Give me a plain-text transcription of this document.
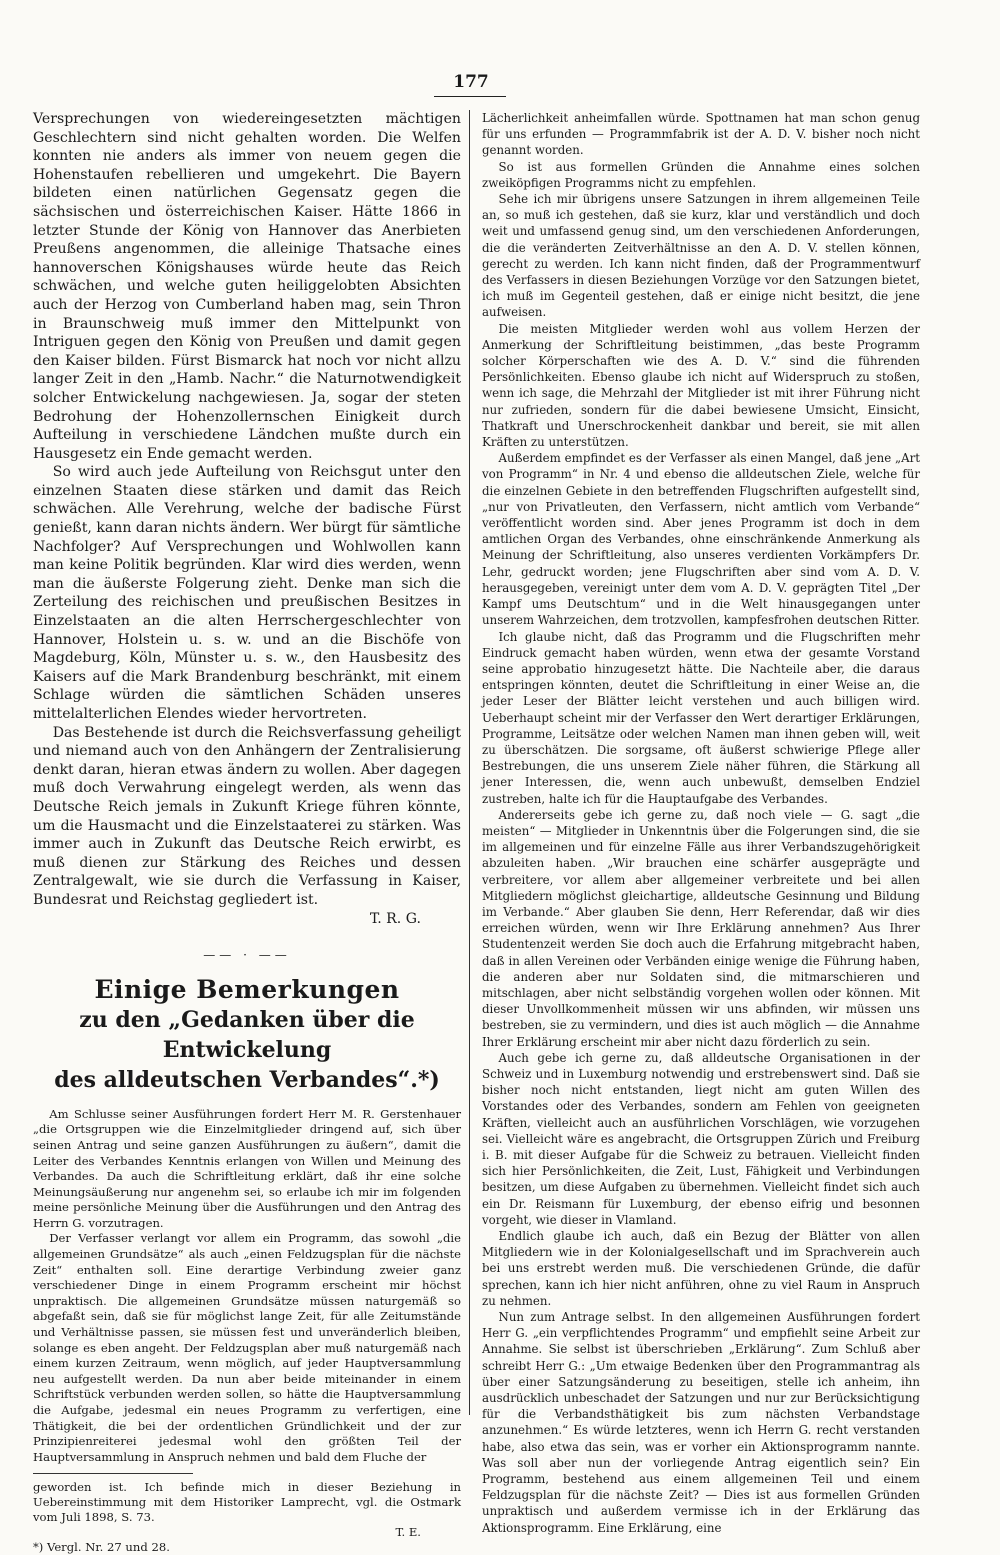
177

Versprechungen von wiedereingesetzten mächtigen Geschlechtern sind nicht gehalten worden. Die Welfen konnten nie anders als immer von neuem gegen die Hohenstaufen rebellieren und umgekehrt. Die Bayern bildeten einen natürlichen Gegensatz gegen die sächsischen und österreichischen Kaiser. Hätte 1866 in letzter Stunde der König von Hannover das Anerbieten Preußens angenommen, die alleinige Thatsache eines hannoverschen Königshauses würde heute das Reich schwächen, und welche guten heiliggelobten Absichten auch der Herzog von Cumberland haben mag, sein Thron in Braunschweig muß immer den Mittelpunkt von Intriguen gegen den König von Preußen und damit gegen den Kaiser bilden. Fürst Bismarck hat noch vor nicht allzu langer Zeit in den „Hamb. Nachr.“ die Naturnotwendigkeit solcher Entwickelung nachgewiesen. Ja, sogar der steten Bedrohung der Hohenzollernschen Einigkeit durch Aufteilung in verschiedene Ländchen mußte durch ein Hausgesetz ein Ende gemacht werden.

So wird auch jede Aufteilung von Reichsgut unter den einzelnen Staaten diese stärken und damit das Reich schwächen. Alle Verehrung, welche der badische Fürst genießt, kann daran nichts ändern. Wer bürgt für sämtliche Nachfolger? Auf Versprechungen und Wohlwollen kann man keine Politik begründen. Klar wird dies werden, wenn man die äußerste Folgerung zieht. Denke man sich die Zerteilung des reichischen und preußischen Besitzes in Einzelstaaten an die alten Herrschergeschlechter von Hannover, Holstein u. s. w. und an die Bischöfe von Magdeburg, Köln, Münster u. s. w., den Hausbesitz des Kaisers auf die Mark Brandenburg beschränkt, mit einem Schlage würden die sämtlichen Schäden unseres mittelalterlichen Elendes wieder hervortreten.

Das Bestehende ist durch die Reichsverfassung geheiligt und niemand auch von den Anhängern der Zentralisierung denkt daran, hieran etwas ändern zu wollen. Aber dagegen muß doch Verwahrung eingelegt werden, als wenn das Deutsche Reich jemals in Zukunft Kriege führen könnte, um die Hausmacht und die Einzelstaaterei zu stärken. Was immer auch in Zukunft das Deutsche Reich erwirbt, es muß dienen zur Stärkung des Reiches und dessen Zentralgewalt, wie sie durch die Verfassung in Kaiser, Bundesrat und Reichstag gegliedert ist.

T. R. G.
—— · ——
Einige Bemerkungen
zu den „Gedanken über die Entwickelung
des alldeutschen Verbandes“.*)

Am Schlusse seiner Ausführungen fordert Herr M. R. Gerstenhauer „die Ortsgruppen wie die Einzelmitglieder dringend auf, sich über seinen Antrag und seine ganzen Ausführungen zu äußern“, damit die Leiter des Verbandes Kenntnis erlangen von Willen und Meinung des Verbandes. Da auch die Schriftleitung erklärt, daß ihr eine solche Meinungsäußerung nur angenehm sei, so erlaube ich mir im folgenden meine persönliche Meinung über die Ausführungen und den Antrag des Herrn G. vorzutragen.

Der Verfasser verlangt vor allem ein Programm, das sowohl „die allgemeinen Grundsätze“ als auch „einen Feldzugsplan für die nächste Zeit“ enthalten soll. Eine derartige Verbindung zweier ganz verschiedener Dinge in einem Programm erscheint mir höchst unpraktisch. Die allgemeinen Grundsätze müssen naturgemäß so abgefaßt sein, daß sie für möglichst lange Zeit, für alle Zeitumstände und Verhältnisse passen, sie müssen fest und unveränderlich bleiben, solange es eben angeht. Der Feldzugsplan aber muß naturgemäß nach einem kurzen Zeitraum, wenn möglich, auf jeder Hauptversammlung neu aufgestellt werden. Da nun aber beide miteinander in einem Schriftstück verbunden werden sollen, so hätte die Hauptversammlung die Aufgabe, jedesmal ein neues Programm zu verfertigen, eine Thätigkeit, die bei der ordentlichen Gründlichkeit und der zur Prinzipienreiterei jedesmal wohl den größten Teil der Hauptversammlung in Anspruch nehmen und bald dem Fluche der

geworden ist. Ich befinde mich in dieser Beziehung in Uebereinstimmung mit dem Historiker Lamprecht, vgl. die Ostmark vom Juli 1898, S. 73.

T. E.

*) Vergl. Nr. 27 und 28.

Lächerlichkeit anheimfallen würde. Spottnamen hat man schon genug für uns erfunden — Programmfabrik ist der A. D. V. bisher noch nicht genannt worden.

So ist aus formellen Gründen die Annahme eines solchen zweiköpfigen Programms nicht zu empfehlen.

Sehe ich mir übrigens unsere Satzungen in ihrem allgemeinen Teile an, so muß ich gestehen, daß sie kurz, klar und verständlich und doch weit und umfassend genug sind, um den verschiedenen Anforderungen, die die veränderten Zeitverhältnisse an den A. D. V. stellen können, gerecht zu werden. Ich kann nicht finden, daß der Programmentwurf des Verfassers in diesen Beziehungen Vorzüge vor den Satzungen bietet, ich muß im Gegenteil gestehen, daß er einige nicht besitzt, die jene aufweisen.

Die meisten Mitglieder werden wohl aus vollem Herzen der Anmerkung der Schriftleitung beistimmen, „das beste Programm solcher Körperschaften wie des A. D. V.“ sind die führenden Persönlichkeiten. Ebenso glaube ich nicht auf Widerspruch zu stoßen, wenn ich sage, die Mehrzahl der Mitglieder ist mit ihrer Führung nicht nur zufrieden, sondern für die dabei bewiesene Umsicht, Einsicht, Thatkraft und Unerschrockenheit dankbar und bereit, sie mit allen Kräften zu unterstützen.

Außerdem empfindet es der Verfasser als einen Mangel, daß jene „Art von Programm“ in Nr. 4 und ebenso die alldeutschen Ziele, welche für die einzelnen Gebiete in den betreffenden Flugschriften aufgestellt sind, „nur von Privatleuten, den Verfassern, nicht amtlich vom Verbande“ veröffentlicht worden sind. Aber jenes Programm ist doch in dem amtlichen Organ des Verbandes, ohne einschränkende Anmerkung als Meinung der Schriftleitung, also unseres verdienten Vorkämpfers Dr. Lehr, gedruckt worden; jene Flugschriften aber sind vom A. D. V. herausgegeben, vereinigt unter dem vom A. D. V. geprägten Titel „Der Kampf ums Deutschtum“ und in die Welt hinausgegangen unter unserem Wahrzeichen, dem trotzvollen, kampfesfrohen deutschen Ritter.

Ich glaube nicht, daß das Programm und die Flugschriften mehr Eindruck gemacht haben würden, wenn etwa der gesamte Vorstand seine approbatio hinzugesetzt hätte. Die Nachteile aber, die daraus entspringen könnten, deutet die Schriftleitung in einer Weise an, die jeder Leser der Blätter leicht verstehen und auch billigen wird. Ueberhaupt scheint mir der Verfasser den Wert derartiger Erklärungen, Programme, Leitsätze oder welchen Namen man ihnen geben will, weit zu überschätzen. Die sorgsame, oft äußerst schwierige Pflege aller Bestrebungen, die uns unserem Ziele näher führen, die Stärkung all jener Interessen, die, wenn auch unbewußt, demselben Endziel zustreben, halte ich für die Hauptaufgabe des Verbandes.

Andererseits gebe ich gerne zu, daß noch viele — G. sagt „die meisten“ — Mitglieder in Unkenntnis über die Folgerungen sind, die sie im allgemeinen und für einzelne Fälle aus ihrer Verbandszugehörigkeit abzuleiten haben. „Wir brauchen eine schärfer ausgeprägte und verbreitere, vor allem aber allgemeiner verbreitete und bei allen Mitgliedern möglichst gleichartige, alldeutsche Gesinnung und Bildung im Verbande.“ Aber glauben Sie denn, Herr Referendar, daß wir dies erreichen würden, wenn wir Ihre Erklärung annehmen? Aus Ihrer Studentenzeit werden Sie doch auch die Erfahrung mitgebracht haben, daß in allen Vereinen oder Verbänden einige wenige die Führung haben, die anderen aber nur Soldaten sind, die mitmarschieren und mitschlagen, aber nicht selbständig vorgehen wollen oder können. Mit dieser Unvollkommenheit müssen wir uns abfinden, wir müssen uns bestreben, sie zu vermindern, und dies ist auch möglich — die Annahme Ihrer Erklärung erscheint mir aber nicht dazu förderlich zu sein.

Auch gebe ich gerne zu, daß alldeutsche Organisationen in der Schweiz und in Luxemburg notwendig und erstrebenswert sind. Daß sie bisher noch nicht entstanden, liegt nicht am guten Willen des Vorstandes oder des Verbandes, sondern am Fehlen von geeigneten Kräften, vielleicht auch an ausführlichen Vorschlägen, wie vorzugehen sei. Vielleicht wäre es angebracht, die Ortsgruppen Zürich und Freiburg i. B. mit dieser Aufgabe für die Schweiz zu betrauen. Vielleicht finden sich hier Persönlichkeiten, die Zeit, Lust, Fähigkeit und Verbindungen besitzen, um diese Aufgaben zu übernehmen. Vielleicht findet sich auch ein Dr. Reismann für Luxemburg, der ebenso eifrig und besonnen vorgeht, wie dieser in Vlamland.

Endlich glaube ich auch, daß ein Bezug der Blätter von allen Mitgliedern wie in der Kolonialgesellschaft und im Sprachverein auch bei uns erstrebt werden muß. Die verschiedenen Gründe, die dafür sprechen, kann ich hier nicht anführen, ohne zu viel Raum in Anspruch zu nehmen.

Nun zum Antrage selbst. In den allgemeinen Ausführungen fordert Herr G. „ein verpflichtendes Programm“ und empfiehlt seine Arbeit zur Annahme. Sie selbst ist überschrieben „Erklärung“. Zum Schluß aber schreibt Herr G.: „Um etwaige Bedenken über den Programmantrag als über einer Satzungsänderung zu beseitigen, stelle ich anheim, ihn ausdrücklich unbeschadet der Satzungen und nur zur Berücksichtigung für die Verbandsthätigkeit bis zum nächsten Verbandstage anzunehmen.“ Es würde letzteres, wenn ich Herrn G. recht verstanden habe, also etwa das sein, was er vorher ein Aktionsprogramm nannte. Was soll aber nun der vorliegende Antrag eigentlich sein? Ein Programm, bestehend aus einem allgemeinen Teil und einem Feldzugsplan für die nächste Zeit? — Dies ist aus formellen Gründen unpraktisch und außerdem vermisse ich in der Erklärung das Aktionsprogramm. Eine Erklärung, eine
